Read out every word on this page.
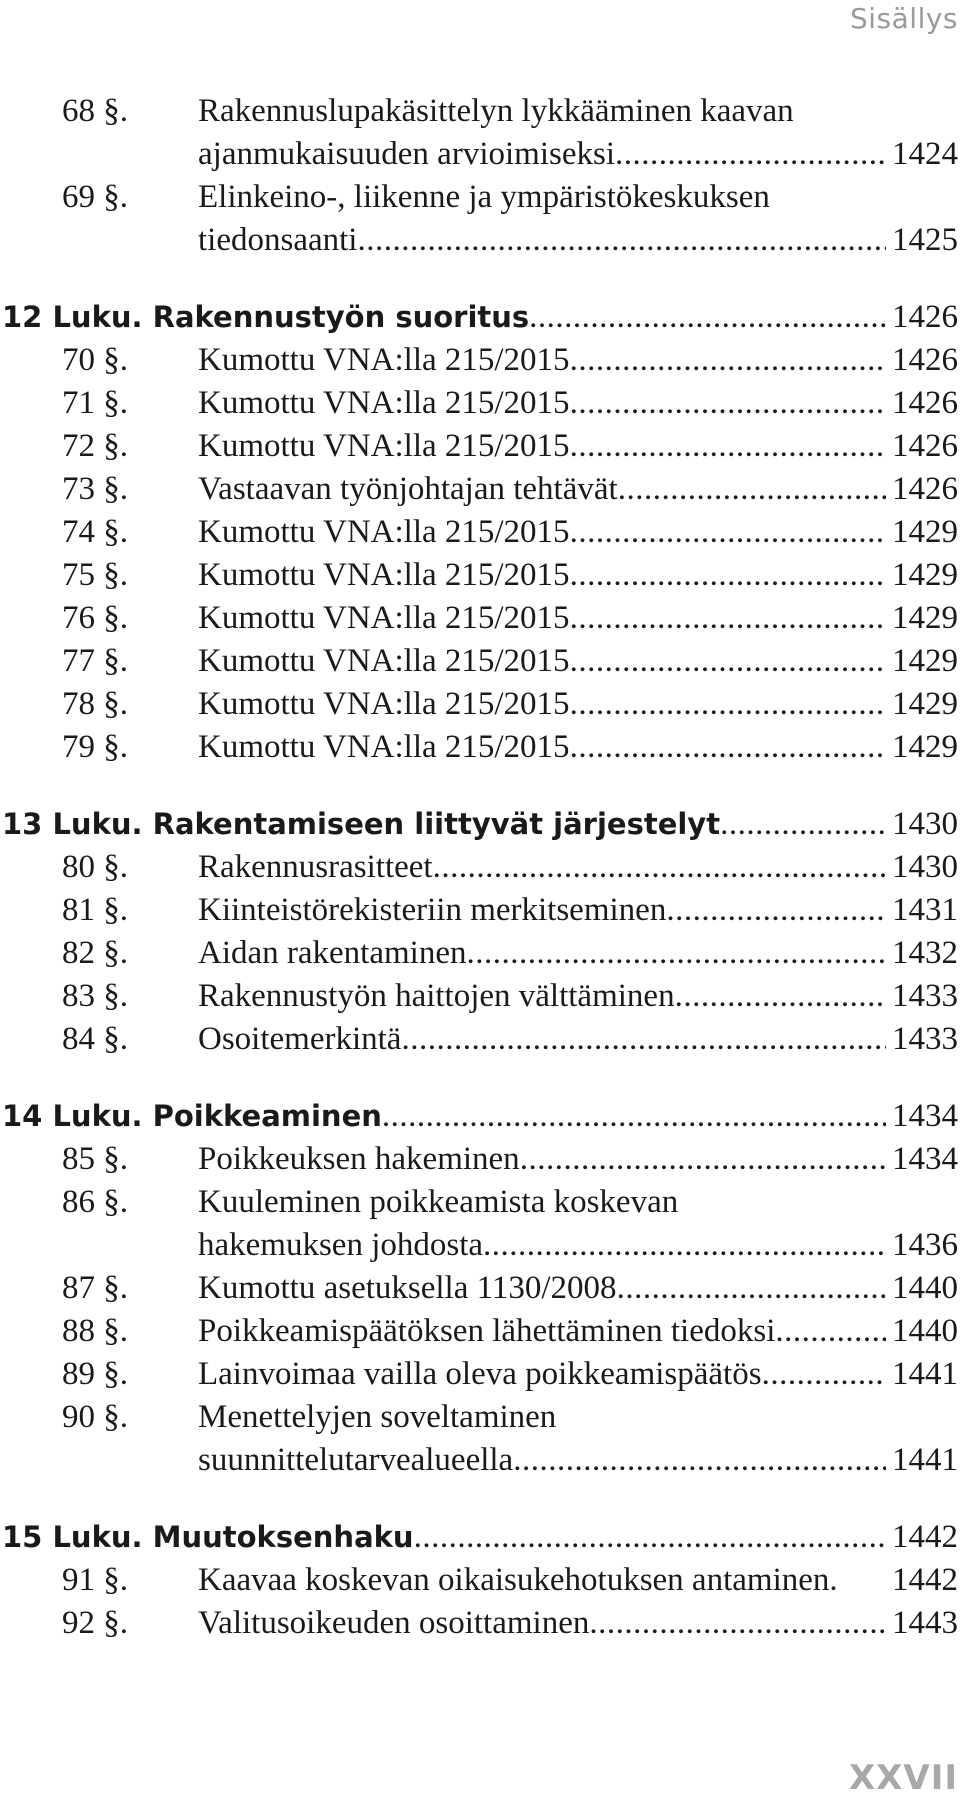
Sisällys
68 §. Rakennuslupakäsittelyn lykkääminen kaavan
ajanmukaisuuden arvioimiseksi .....	1424
69 §. Elinkeino-, liikenne ja ympäristökeskuksen
tiedonsaanti .....	1425
12 Luku. Rakennustyön suoritus .....	1426
70 §. Kumottu VNA:lla 215/2015 .....	1426
71 §. Kumottu VNA:lla 215/2015 .....	1426
72 §. Kumottu VNA:lla 215/2015 .....	1426
73 §. Vastaavan työnjohtajan tehtävät .....	1426
74 §. Kumottu VNA:lla 215/2015 .....	1429
75 §. Kumottu VNA:lla 215/2015 .....	1429
76 §. Kumottu VNA:lla 215/2015 .....	1429
77 §. Kumottu VNA:lla 215/2015 .....	1429
78 §. Kumottu VNA:lla 215/2015 .....	1429
79 §. Kumottu VNA:lla 215/2015 .....	1429
13 Luku. Rakentamiseen liittyvät järjestelyt .....	1430
80 §. Rakennusrasitteet .....	1430
81 §. Kiinteistörekisteriin merkitseminen .....	1431
82 §. Aidan rakentaminen .....	1432
83 §. Rakennustyön haittojen välttäminen .....	1433
84 §. Osoitemerkintä .....	1433
14 Luku. Poikkeaminen .....	1434
85 §. Poikkeuksen hakeminen .....	1434
86 §. Kuuleminen poikkeamista koskevan
hakemuksen johdosta .....	1436
87 §. Kumottu asetuksella 1130/2008 .....	1440
88 §. Poikkeamispäätöksen lähettäminen tiedoksi .....	1440
89 §. Lainvoimaa vailla oleva poikkeamispäätös .....	1441
90 §. Menettelyjen soveltaminen
suunnittelutarvealueella .....	1441
15 Luku. Muutoksenhaku .....	1442
91 §. Kaavaa koskevan oikaisukehotuksen antaminen. 1442
92 §. Valitusoikeuden osoittaminen .....	1443
XXVII
